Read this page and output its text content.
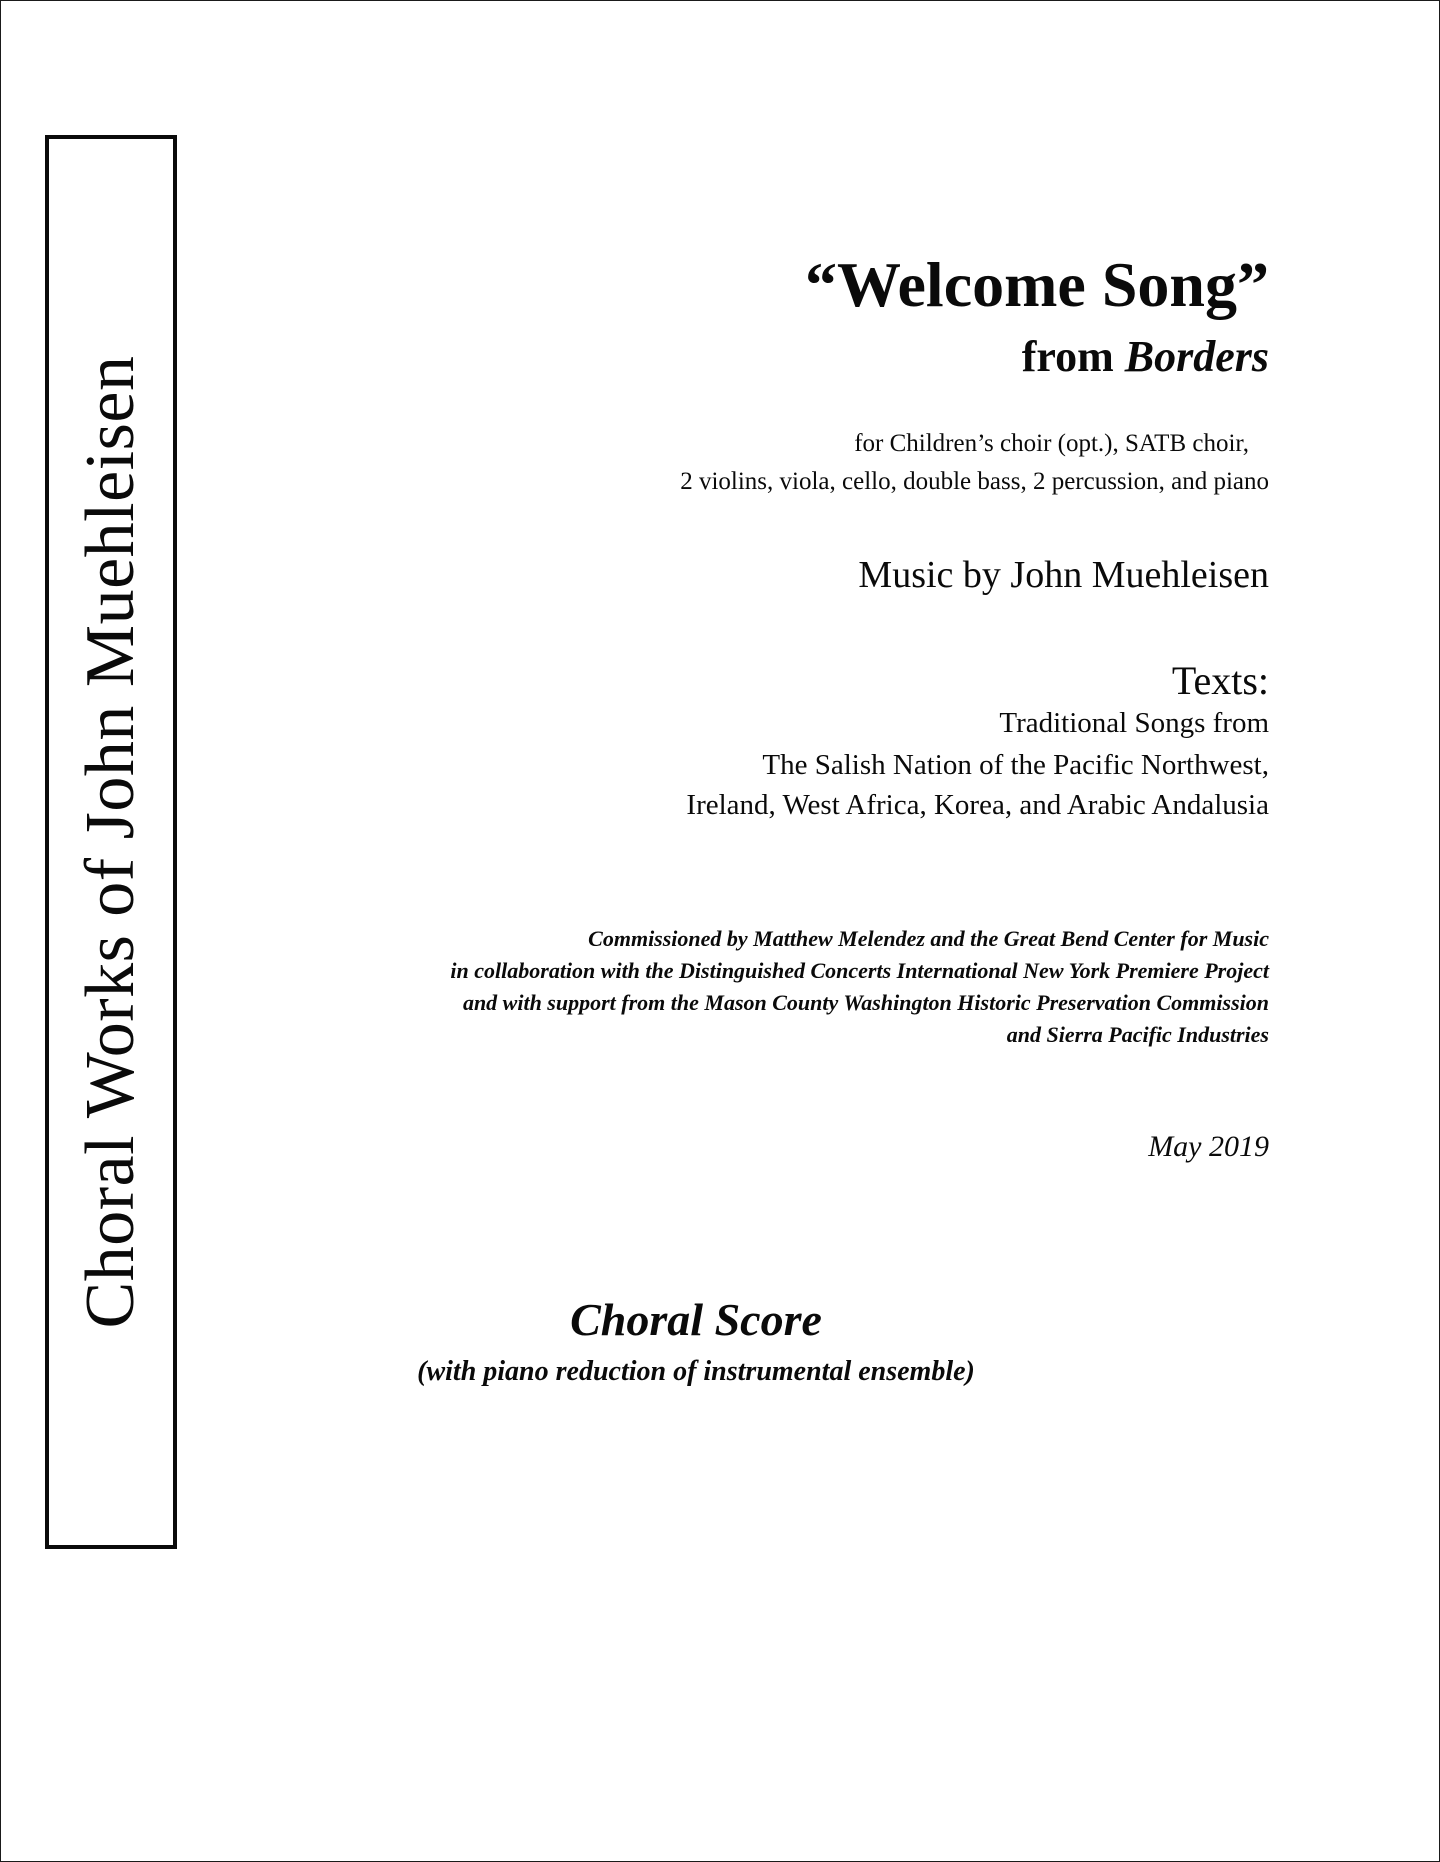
Choral Works of John Muehleisen
“Welcome Song”
from Borders
for Children’s choir (opt.), SATB choir,
2 violins, viola, cello, double bass, 2 percussion, and piano
Music by John Muehleisen
Texts:
Traditional Songs from
The Salish Nation of the Pacific Northwest,
Ireland, West Africa, Korea, and Arabic Andalusia
Commissioned by Matthew Melendez and the Great Bend Center for Music
in collaboration with the Distinguished Concerts International New York Premiere Project
and with support from the Mason County Washington Historic Preservation Commission
and Sierra Pacific Industries
May 2019
Choral Score
(with piano reduction of instrumental ensemble)
